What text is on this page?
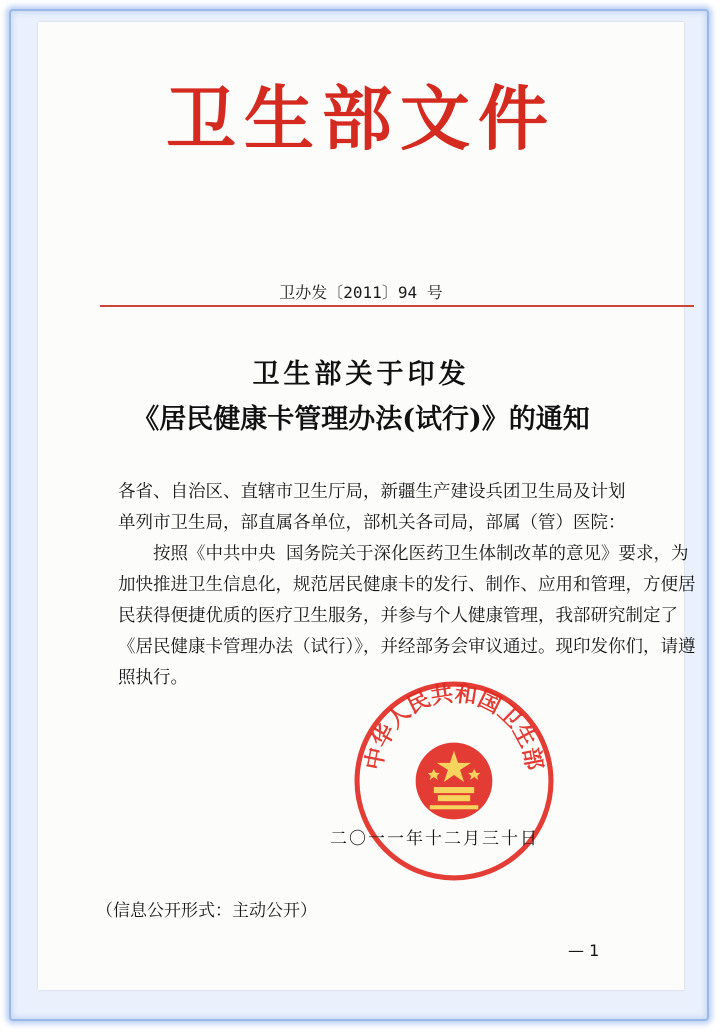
卫生部文件
卫办发〔2011〕94 号
卫生部关于印发
《居民健康卡管理办法(试行)》的通知

各省、自治区、直辖市卫生厅局，新疆生产建设兵团卫生局及计划

单列市卫生局，部直属各单位，部机关各司局，部属（管）医院：

按照《中共中央 国务院关于深化医药卫生体制改革的意见》要求，为加快推进卫生信息化，规范居民健康卡的发行、制作、应用和管理，方便居民获得便捷优质的医疗卫生服务，并参与个人健康管理，我部研究制定了《居民健康卡管理办法（试行）》，并经部务会审议通过。现印发你们，请遵照执行。

中华人民共和国卫生部
二〇一一年十二月三十日
（信息公开形式：主动公开）
— 1
